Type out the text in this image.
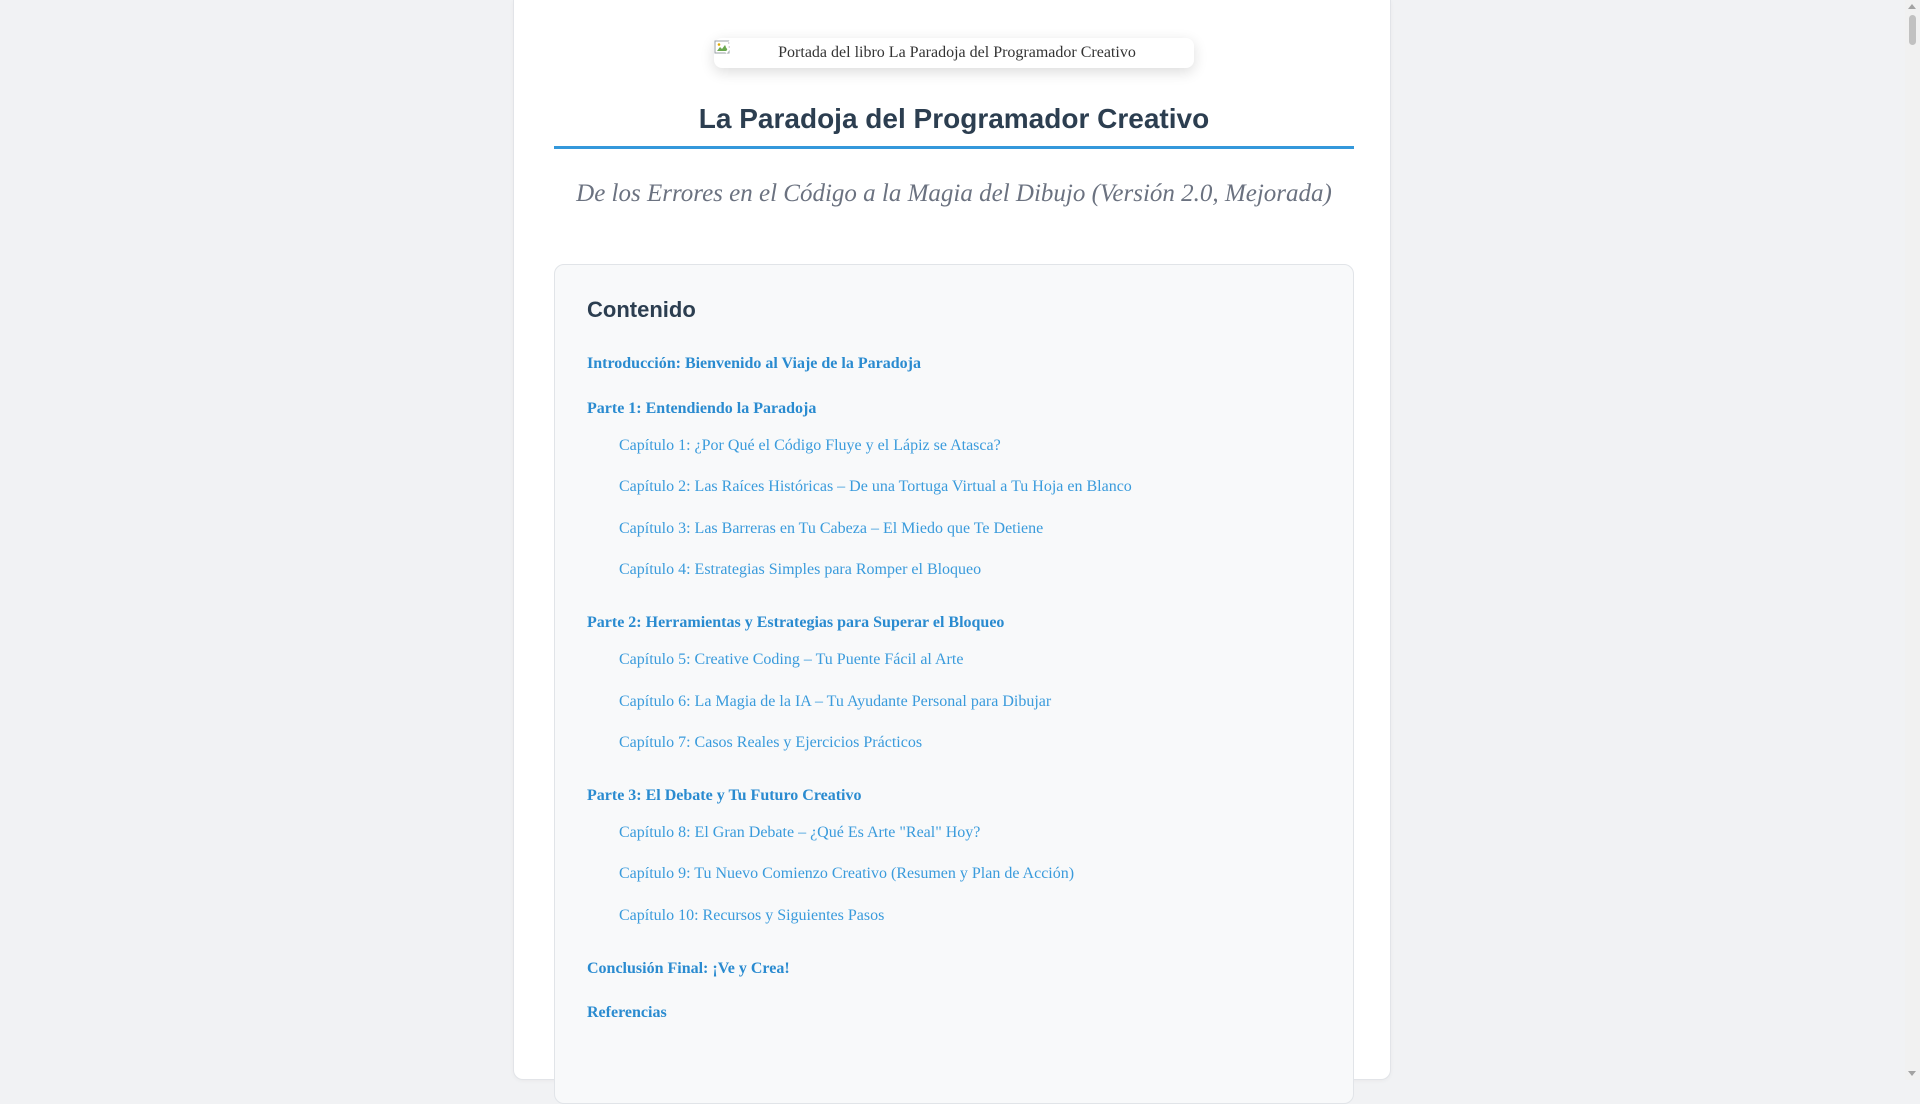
Portada del libro La Paradoja del Programador Creativo
La Paradoja del Programador Creativo
De los Errores en el Código a la Magia del Dibujo (Versión 2.0, Mejorada)
Contenido
Introducción: Bienvenido al Viaje de la Paradoja
Parte 1: Entendiendo la Paradoja
Capítulo 1: ¿Por Qué el Código Fluye y el Lápiz se Atasca?
Capítulo 2: Las Raíces Históricas – De una Tortuga Virtual a Tu Hoja en Blanco
Capítulo 3: Las Barreras en Tu Cabeza – El Miedo que Te Detiene
Capítulo 4: Estrategias Simples para Romper el Bloqueo
Parte 2: Herramientas y Estrategias para Superar el Bloqueo
Capítulo 5: Creative Coding – Tu Puente Fácil al Arte
Capítulo 6: La Magia de la IA – Tu Ayudante Personal para Dibujar
Capítulo 7: Casos Reales y Ejercicios Prácticos
Parte 3: El Debate y Tu Futuro Creativo
Capítulo 8: El Gran Debate – ¿Qué Es Arte "Real" Hoy?
Capítulo 9: Tu Nuevo Comienzo Creativo (Resumen y Plan de Acción)
Capítulo 10: Recursos y Siguientes Pasos
Conclusión Final: ¡Ve y Crea!
Referencias
